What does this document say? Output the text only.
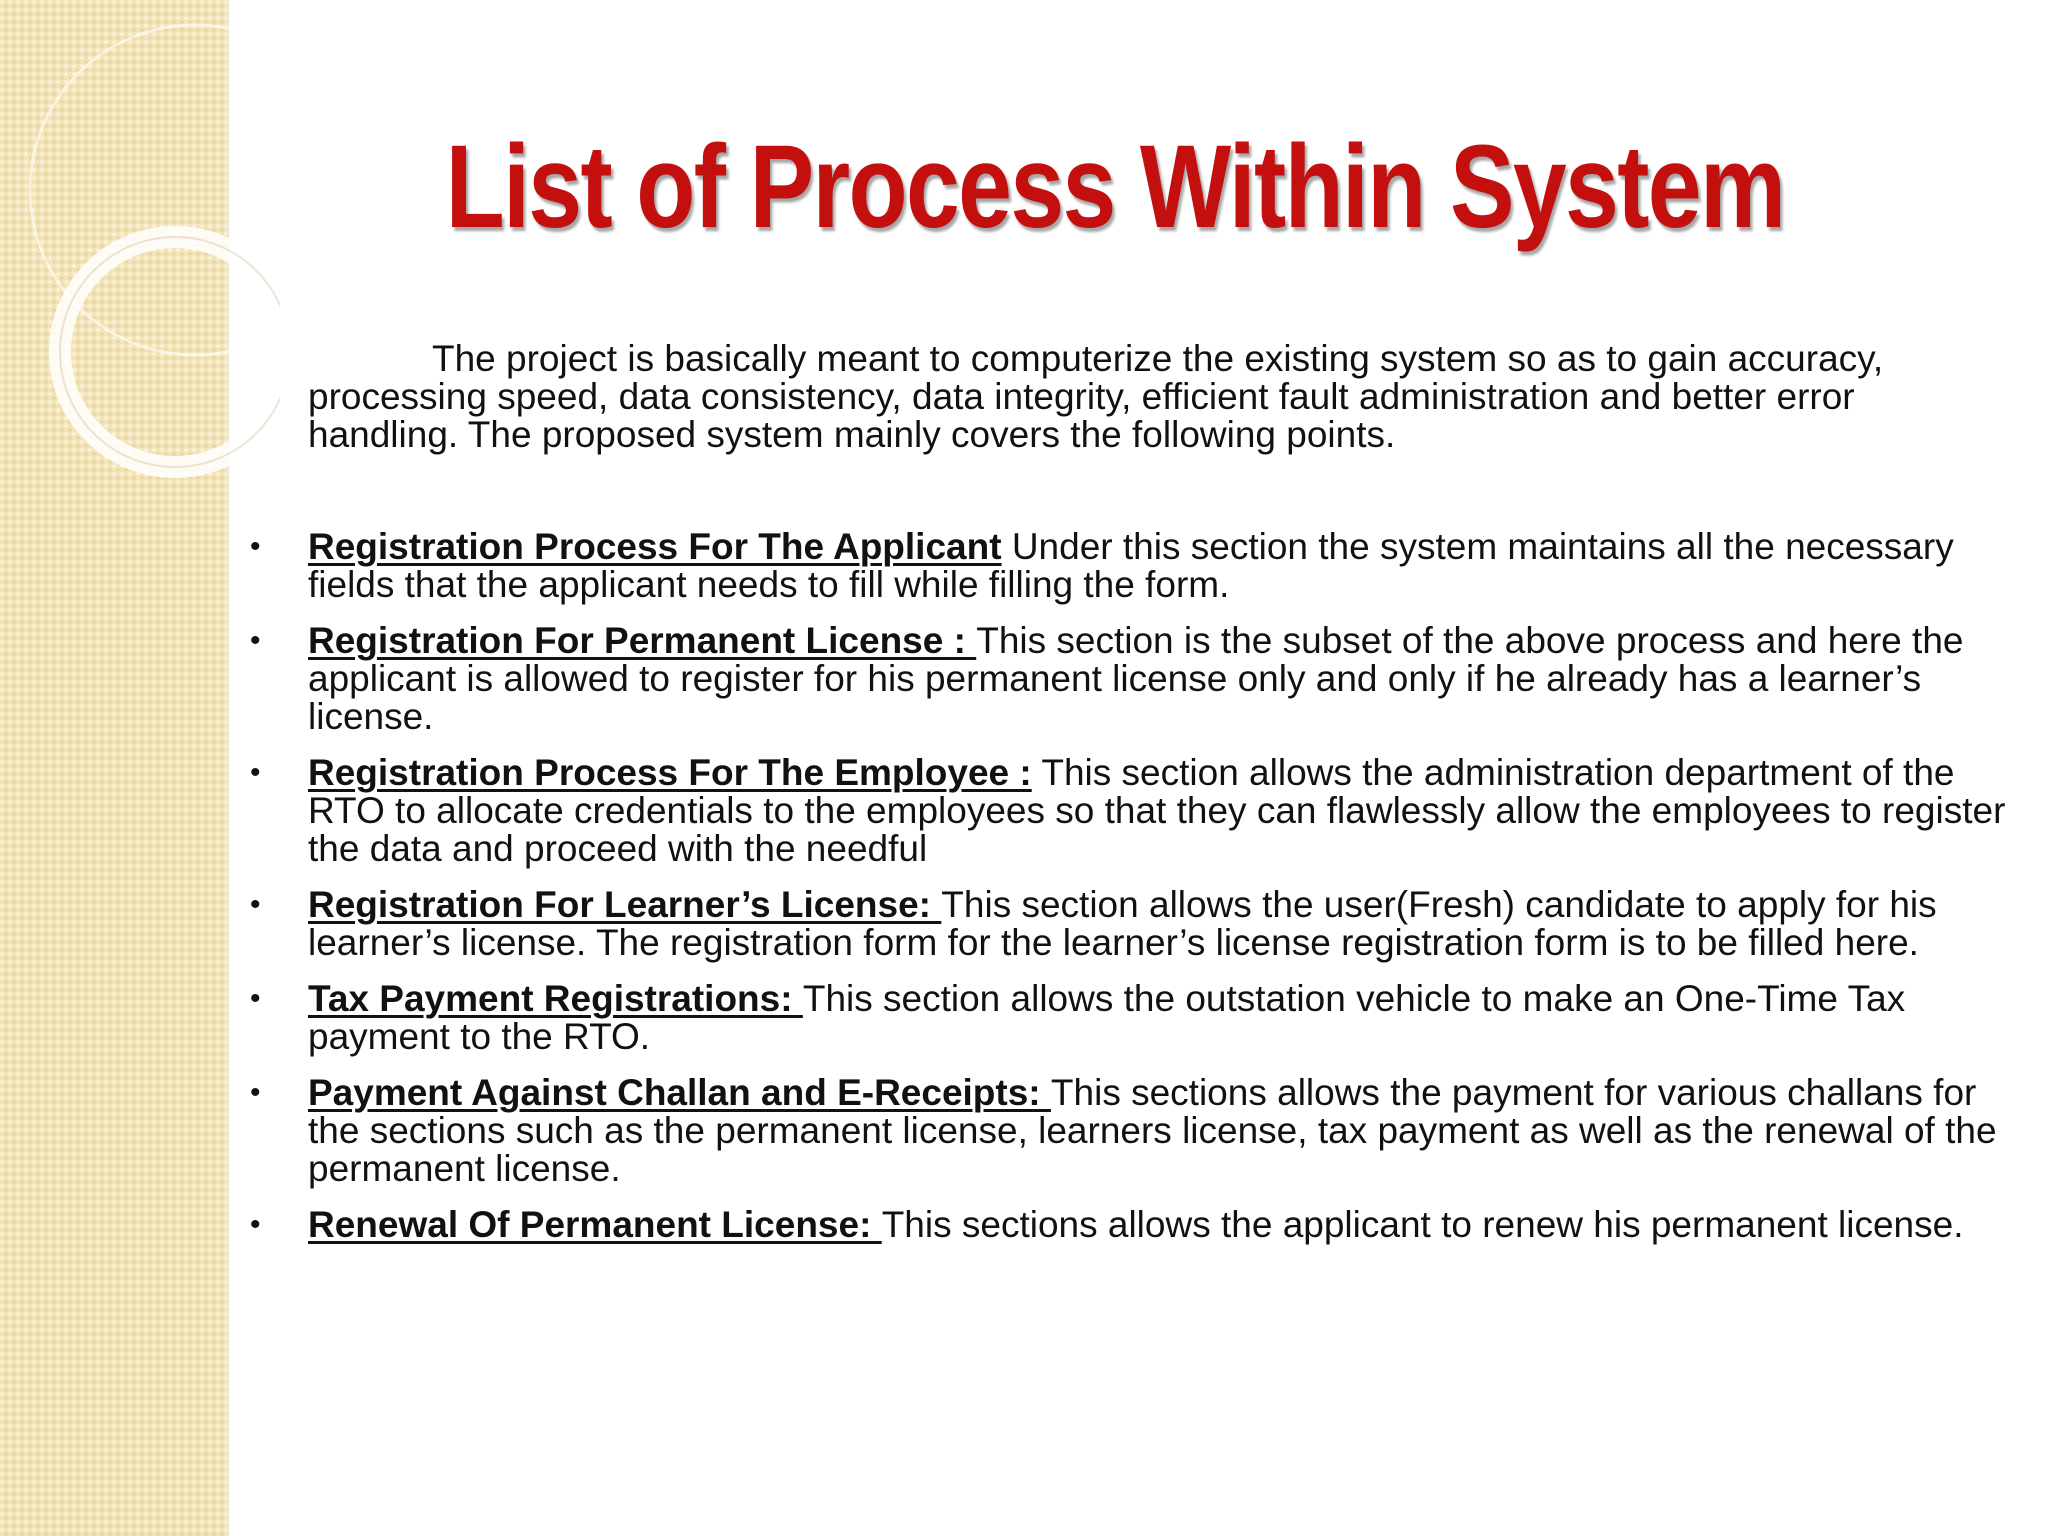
List of Process Within System

The project is basically meant to computerize the existing system so as to gain accuracy, processing speed, data consistency, data integrity, efficient fault administration and better error handling. The proposed system mainly covers the following points.

• Registration Process For The Applicant Under this section the system maintains all the necessary fields that the applicant needs to fill while filling the form.
• Registration For Permanent License : This section is the subset of the above process and here the applicant is allowed to register for his permanent license only and only if he already has a learner’s license.
• Registration Process For The Employee : This section allows the administration department of the RTO to allocate credentials to the employees so that they can flawlessly allow the employees to register the data and proceed with the needful
• Registration For Learner’s License: This section allows the user(Fresh) candidate to apply for his learner’s license. The registration form for the learner’s license registration form is to be filled here.
• Tax Payment Registrations: This section allows the outstation vehicle to make an One-Time Tax payment to the RTO.
• Payment Against Challan and E-Receipts: This sections allows the payment for various challans for the sections such as the permanent license, learners license, tax payment as well as the renewal of the permanent license.
• Renewal Of Permanent License: This sections allows the applicant to renew his permanent license.
